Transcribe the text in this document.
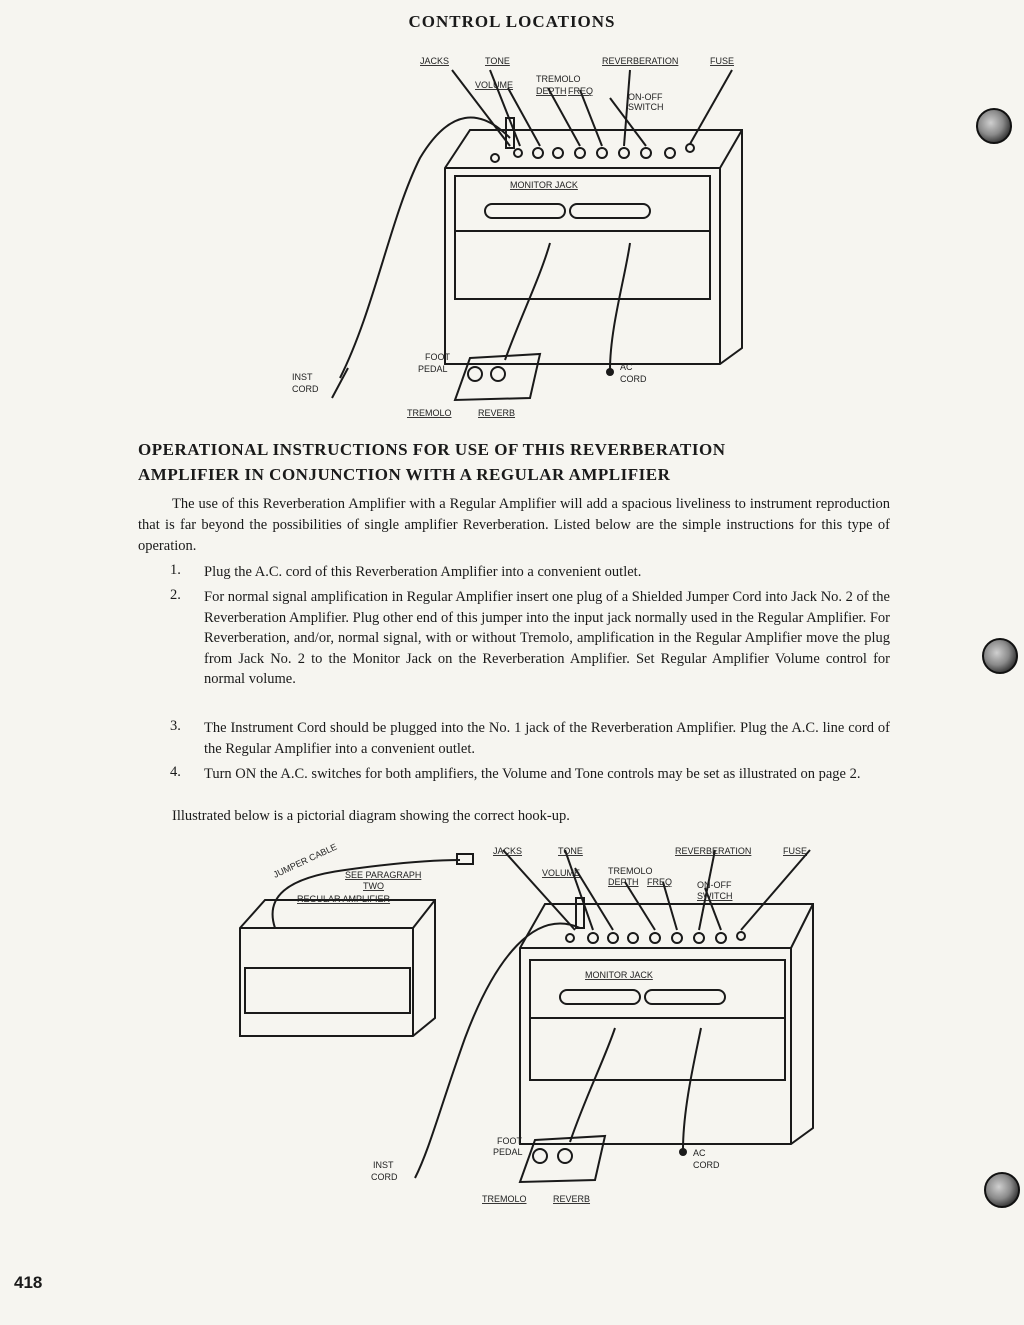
CONTROL LOCATIONS
JACKS	TONE	REVERBERATION	FUSE
VOLUME
TREMOLO
DEPTH FREQ
ON-OFF
SWITCH
MONITOR JACK
FOOT
PEDAL	AC
CORD
INST
CORD
TREMOLO	REVERB
OPERATIONAL INSTRUCTIONS FOR USE OF THIS REVERBERATION
AMPLIFIER IN CONJUNCTION WITH A REGULAR AMPLIFIER
The use of this Reverberation Amplifier with a Regular Amplifier will add a spacious liveliness to instrument reproduction that is far beyond the possibilities of single amplifier Reverberation. Listed below are the simple instructions for this type of operation.
1.	Plug the A.C. cord of this Reverberation Amplifier into a convenient outlet.
2.	For normal signal amplification in Regular Amplifier insert one plug of a Shielded Jumper Cord into Jack No. 2 of the Reverberation Amplifier. Plug other end of this jumper into the input jack normally used in the Regular Amplifier. For Reverberation, and/or, normal signal, with or without Tremolo, amplification in the Regular Amplifier move the plug from Jack No. 2 to the Monitor Jack on the Reverberation Amplifier. Set Regular Amplifier Volume control for normal volume.
3.	The Instrument Cord should be plugged into the No. 1 jack of the Reverberation Amplifier. Plug the A.C. line cord of the Regular Amplifier into a convenient outlet.
4.	Turn ON the A.C. switches for both amplifiers, the Volume and Tone controls may be set as illustrated on page 2.
Illustrated below is a pictorial diagram showing the correct hook-up.
JUMPER CABLE SEE PARAGRAPH
TWO
REGULAR AMPLIFIER
JACKS	TONE	REVERBERATION	FUSE
VOLUME	TREMOLO
DEPTH FREQ	ON-OFF
SWITCH
MONITOR JACK
FOOT
PEDAL	AC
CORD
INST
CORD
TREMOLO	REVERB
418
